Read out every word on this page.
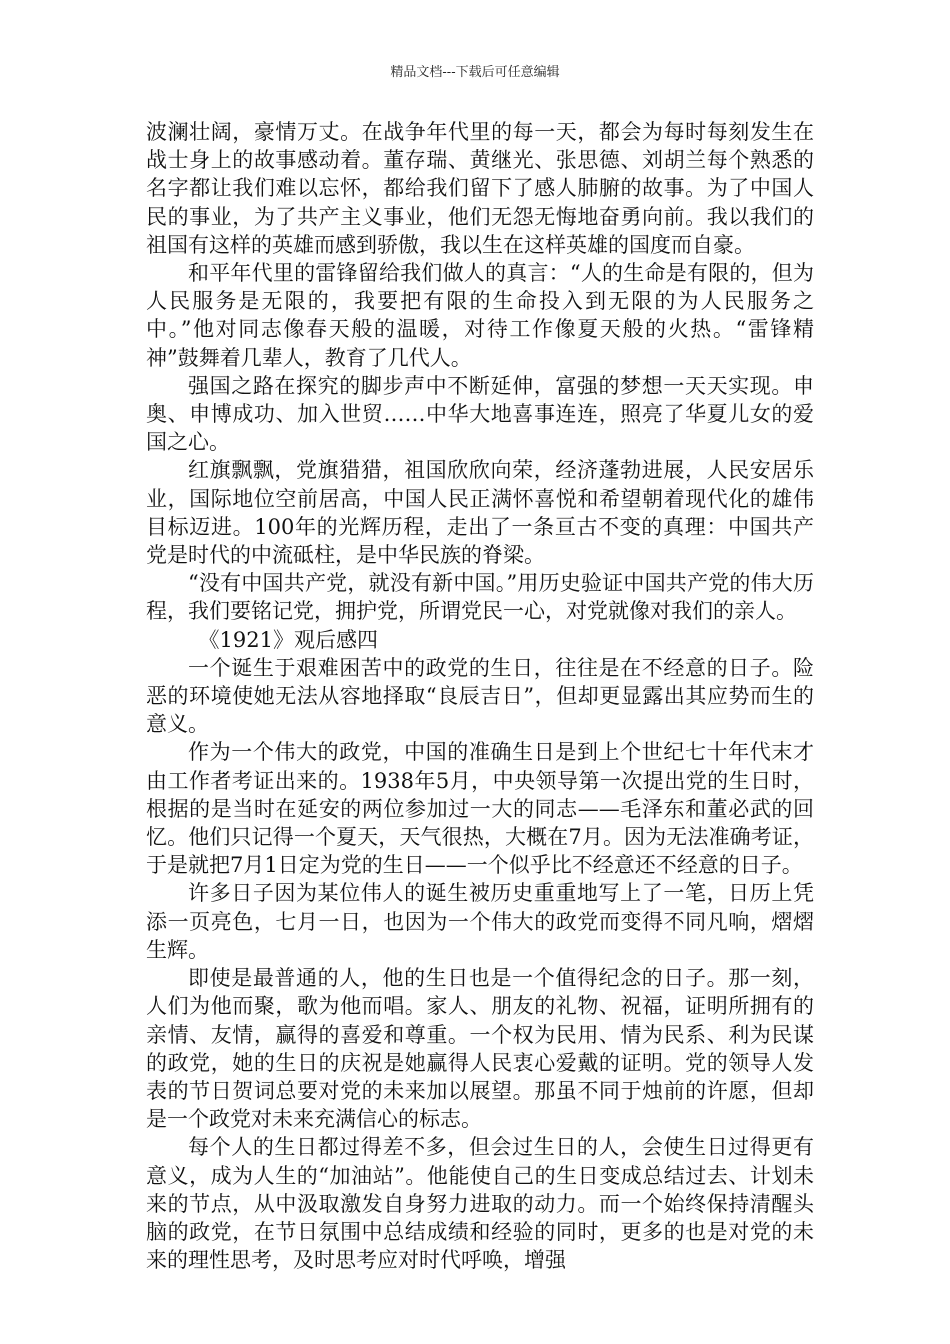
精品文档---下载后可任意编辑

波澜壮阔，豪情万丈。在战争年代里的每一天，都会为每时每刻发生在战士身上的故事感动着。董存瑞、黄继光、张思德、刘胡兰每个熟悉的名字都让我们难以忘怀，都给我们留下了感人肺腑的故事。为了中国人民的事业，为了共产主义事业，他们无怨无悔地奋勇向前。我以我们的祖国有这样的英雄而感到骄傲，我以生在这样英雄的国度而自豪。

和平年代里的雷锋留给我们做人的真言：“人的生命是有限的，但为人民服务是无限的，我要把有限的生命投入到无限的为人民服务之中。”他对同志像春天般的温暖，对待工作像夏天般的火热。“雷锋精神”鼓舞着几辈人，教育了几代人。

强国之路在探究的脚步声中不断延伸，富强的梦想一天天实现。申奥、申博成功、加入世贸……中华大地喜事连连，照亮了华夏儿女的爱国之心。

红旗飘飘，党旗猎猎，祖国欣欣向荣，经济蓬勃进展，人民安居乐业，国际地位空前居高，中国人民正满怀喜悦和希望朝着现代化的雄伟目标迈进。100年的光辉历程，走出了一条亘古不变的真理：中国共产党是时代的中流砥柱，是中华民族的脊梁。

“没有中国共产党，就没有新中国。”用历史验证中国共产党的伟大历程，我们要铭记党，拥护党，所谓党民一心，对党就像对我们的亲人。

《1921》观后感四

一个诞生于艰难困苦中的政党的生日，往往是在不经意的日子。险恶的环境使她无法从容地择取“良辰吉日”，但却更显露出其应势而生的意义。

作为一个伟大的政党，中国的准确生日是到上个世纪七十年代末才由工作者考证出来的。1938年5月，中央领导第一次提出党的生日时，根据的是当时在延安的两位参加过一大的同志——毛泽东和董必武的回忆。他们只记得一个夏天，天气很热，大概在7月。因为无法准确考证，于是就把7月1日定为党的生日——一个似乎比不经意还不经意的日子。

许多日子因为某位伟人的诞生被历史重重地写上了一笔，日历上凭添一页亮色，七月一日，也因为一个伟大的政党而变得不同凡响，熠熠生辉。

即使是最普通的人，他的生日也是一个值得纪念的日子。那一刻，人们为他而聚，歌为他而唱。家人、朋友的礼物、祝福，证明所拥有的亲情、友情，赢得的喜爱和尊重。一个权为民用、情为民系、利为民谋的政党，她的生日的庆祝是她赢得人民衷心爱戴的证明。党的领导人发表的节日贺词总要对党的未来加以展望。那虽不同于烛前的许愿，但却是一个政党对未来充满信心的标志。

每个人的生日都过得差不多，但会过生日的人，会使生日过得更有意义，成为人生的“加油站”。他能使自己的生日变成总结过去、计划未来的节点，从中汲取激发自身努力进取的动力。而一个始终保持清醒头脑的政党，在节日氛围中总结成绩和经验的同时，更多的也是对党的未来的理性思考，及时思考应对时代呼唤，增强
